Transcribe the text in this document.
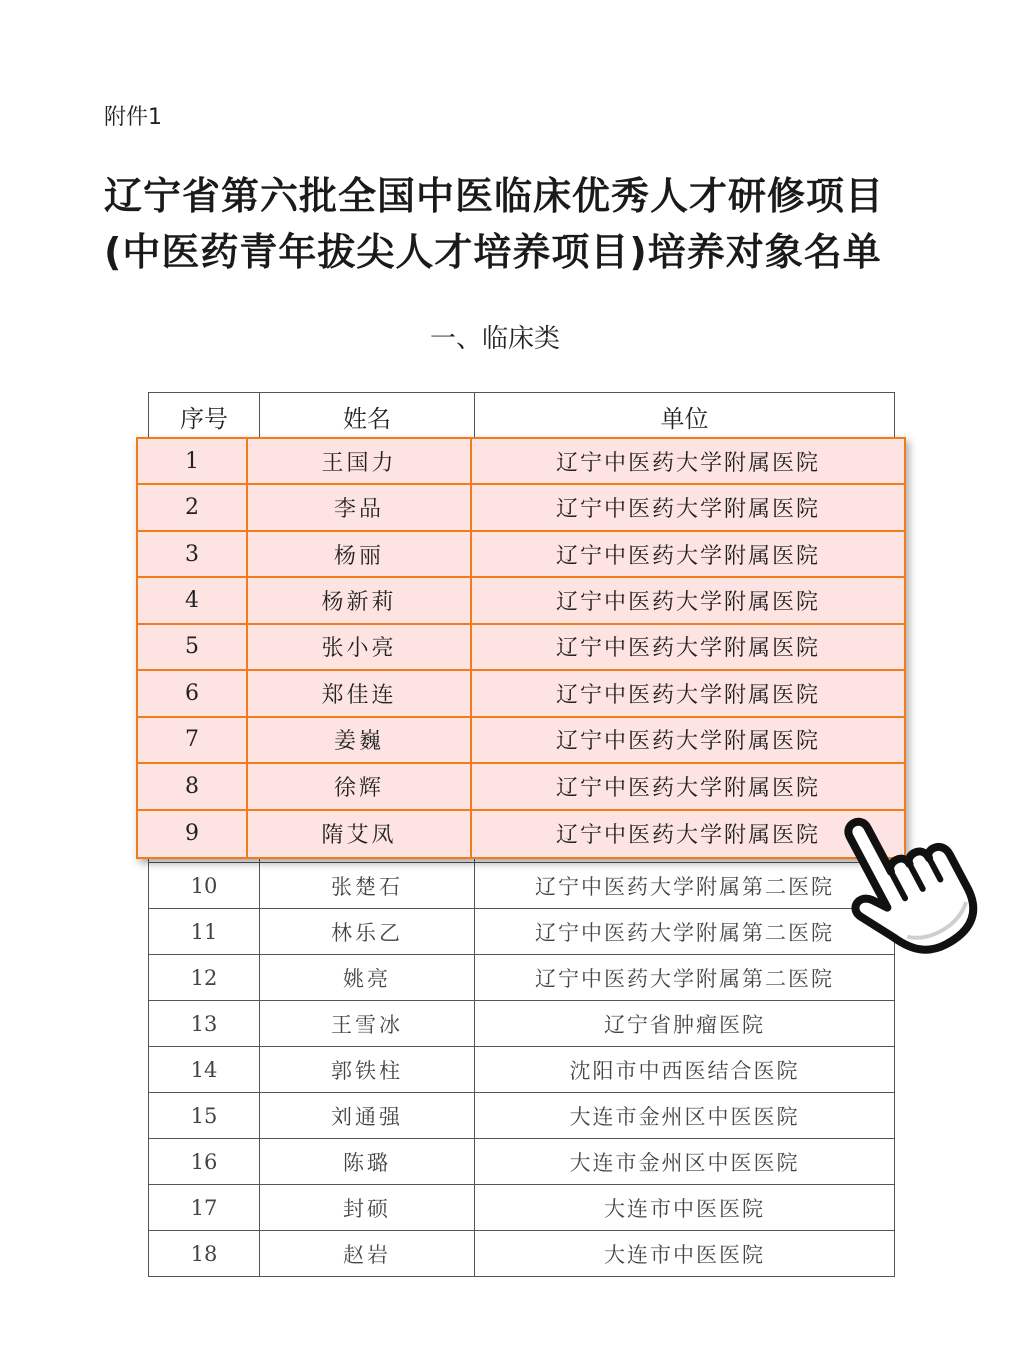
附件1
辽宁省第六批全国中医临床优秀人才研修项目
(中医药青年拔尖人才培养项目)培养对象名单
一、临床类
序号	姓名	单位

10	张楚石	辽宁中医药大学附属第二医院
11	林乐乙	辽宁中医药大学附属第二医院
12	姚亮	辽宁中医药大学附属第二医院
13	王雪冰	辽宁省肿瘤医院
14	郭铁柱	沈阳市中西医结合医院
15	刘通强	大连市金州区中医医院
16	陈璐	大连市金州区中医医院
17	封硕	大连市中医医院
18	赵岩	大连市中医医院
1	王国力	辽宁中医药大学附属医院
2	李品	辽宁中医药大学附属医院
3	杨丽	辽宁中医药大学附属医院
4	杨新莉	辽宁中医药大学附属医院
5	张小亮	辽宁中医药大学附属医院
6	郑佳连	辽宁中医药大学附属医院
7	姜巍	辽宁中医药大学附属医院
8	徐辉	辽宁中医药大学附属医院
9	隋艾凤	辽宁中医药大学附属医院
